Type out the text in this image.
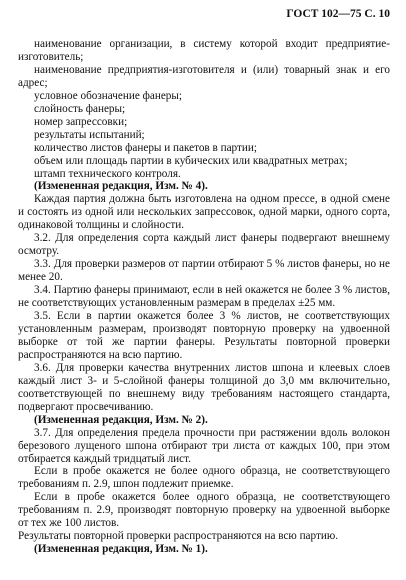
ГОСТ 102—75 С. 10

наименование организации, в систему которой входит предприятие-изготовитель;

наименование предприятия-изготовителя и (или) товарный знак и его адрес;

условное обозначение фанеры;

слойность фанеры;

номер запрессовки;

результаты испытаний;

количество листов фанеры и пакетов в партии;

объем или площадь партии в кубических или квадратных метрах;

штамп технического контроля.

(Измененная редакция, Изм. № 4).

Каждая партия должна быть изготовлена на одном прессе, в одной смене и состоять из одной или нескольких запрессовок, одной марки, одного сорта, одинаковой толщины и слойности.

3.2. Для определения сорта каждый лист фанеры подвергают внешнему осмотру.

3.3. Для проверки размеров от партии отбирают 5 % листов фанеры, но не менее 20.

3.4. Партию фанеры принимают, если в ней окажется не более 3 % листов, не соответствующих установленным размерам в пределах ±25 мм.

3.5. Если в партии окажется более 3 % листов, не соответствующих установленным размерам, производят повторную проверку на удвоенной выборке от той же партии фанеры. Результаты повторной проверки распространяются на всю партию.

3.6. Для проверки качества внутренних листов шпона и клеевых слоев каждый лист 3- и 5-слойной фанеры толщиной до 3,0 мм включительно, соответствующей по внешнему виду требованиям настоящего стандарта, подвергают просвечиванию.

(Измененная редакция, Изм. № 2).

3.7. Для определения предела прочности при растяжении вдоль волокон березового лущеного шпона отбирают три листа от каждых 100, при этом отбирается каждый тридцатый лист.

Если в пробе окажется не более одного образца, не соответствующего требованиям п. 2.9, шпон подлежит приемке.

Если в пробе окажется более одного образца, не соответствующего требованиям п. 2.9, производят повторную проверку на удвоенной выборке от тех же 100 листов.

Результаты повторной проверки распространяются на всю партию.

(Измененная редакция, Изм. № 1).
